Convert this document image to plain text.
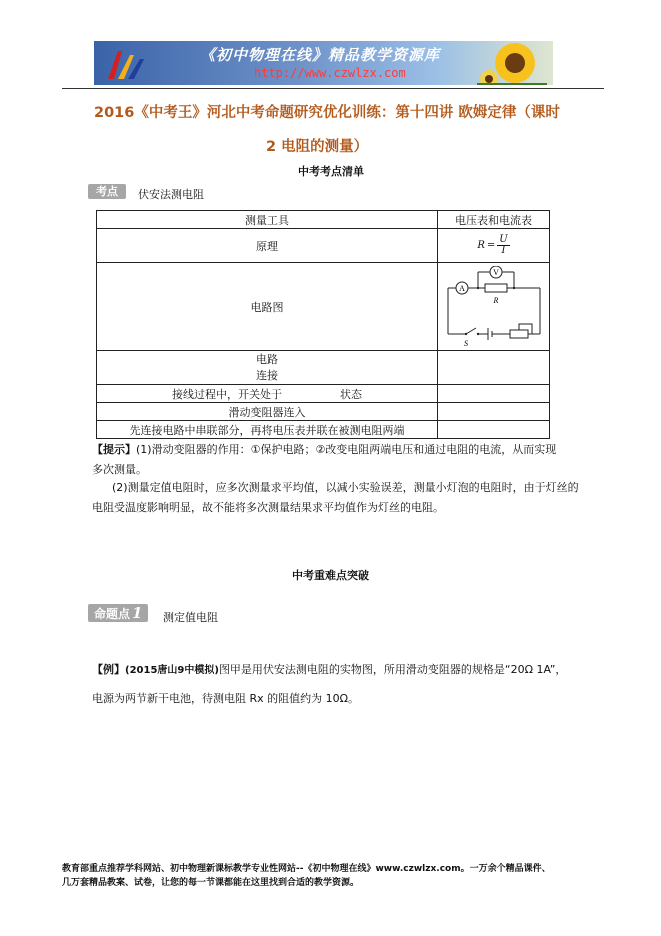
《初中物理在线》精品教学资源库
http://www.czwlzx.com
2016《中考王》河北中考命题研究优化训练：第十四讲 欧姆定律（课时
2 电阻的测量）
中考考点清单
考点	伏安法测电阻
测量工具	电压表和电流表
原理	$R = \frac{U}{I}$

电路图	A
V
R
S

电路
连接	

接线过程中，开关处于 状态	
滑动变阻器连入	
先连接电路中串联部分，再将电压表并联在被测电阻两端	
【提示】(1)滑动变阻器的作用：①保护电路；②改变电阻两端电压和通过电阻的电流，从而实现
多次测量。
(2)测量定值电阻时，应多次测量求平均值，以减小实验误差，测量小灯泡的电阻时，由于灯丝的
电阻受温度影响明显，故不能将多次测量结果求平均值作为灯丝的电阻。
中考重难点突破
命题点 1	测定值电阻
【例】(2015唐山9中模拟)图甲是用伏安法测电阻的实物图，所用滑动变阻器的规格是“20Ω 1A”，
电源为两节新干电池，待测电阻 Rx 的阻值约为 10Ω。
教育部重点推荐学科网站、初中物理新课标教学专业性网站--《初中物理在线》www.czwlzx.com。一万余个精品课件、
几万套精品教案、试卷，让您的每一节课都能在这里找到合适的教学资源。
